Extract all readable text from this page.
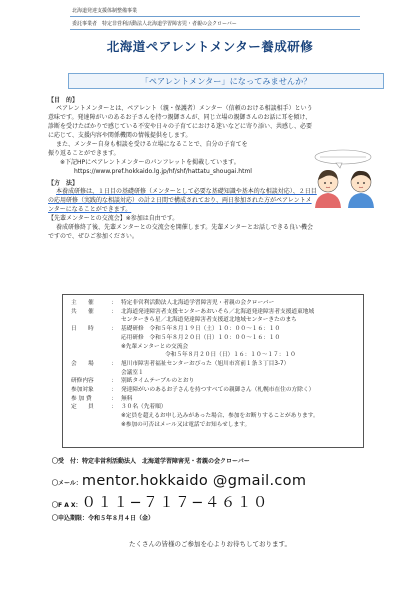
北海道発達支援体制整備事業
委託事業者　特定非営利活動法人北海道学習障害児・者親の会クローバー
北海道ペアレントメンター養成研修
「ペアレントメンター」になってみませんか？
【目　的】
ペアレントメンターとは、ペアレント（親・保護者）メンター（信頼のおける相談相手）という
意味です。発達障がいのあるお子さんを持つ親御さんが、同じ立場の親御さんのお話に耳を傾け、
診断を受けたばかりで感じている不安や日々の子育てにおける迷いなどに寄り添い、共感し、必要
に応じて、支援内容や関係機関の情報提供をします。
また、メンター自身も相談を受ける立場になることで、自分の子育てを
振り返ることができます。
※下記HPにペアレントメンターのパンフレットを掲載しています。
https://www.pref.hokkaido.lg.jp/hf/shf/hattatu_shougai.html
【方　法】
本養成研修は、１日目の基礎研修（メンターとして必要な基礎知識や基本的な相談対応）、２日目
の応用研修（実践的な相談対応）の計２日間で構成されており、両日参加された方がペアレントメ
ンターになることができます。
【先輩メンターとの交流会】※参加は自由です。
養成研修終了後、先輩メンターとの交流会を開催します。先輩メンターとお話しできる良い機会
ですので、ぜひご参加ください。
主　　催	：	特定非営利活動法人北海道学習障害児・者親の会クローバー
共　　催	：	北海道発達障害者支援センターあおいそら／北海道発達障害者支援道東地域
		センターきら星／北海道発達障害者支援道北地域センターきたのまち
日　　時	：	基礎研修　令和５年８月１９日（土）１０：００〜１６：１０
		応用研修　令和５年８月２０日（日）１０：００〜１６：１０
		※先輩メンターとの交流会
		令和５年８月２０日（日）１６：１０〜１７：１０
会　　場	：	旭川市障害者福祉センターおぴった（旭川市宮前１条３丁目3-7）
		会議室１
研修内容	：	別紙タイムテーブルのとおり
参加対象	：	発達障がいのあるお子さんを持つすべての親御さん（札幌市在住の方除く）
参 加 費	：	無料
定　　員	：	３０名（先着順）
		※定員を超えるお申し込みがあった場合、参加をお断りすることがあります。
		※参加の可否はメール又は電話でお知らせします。
〇受　付：特定非営利活動法人　北海道学習障害児・者親の会クローバー
〇メール：mentor.hokkaido @gmail.com
〇F A X：０１１−７１７−４６１０
〇申込期限：令和５年８月４日（金）
たくさんの皆様のご参加を心よりお待ちしております。
